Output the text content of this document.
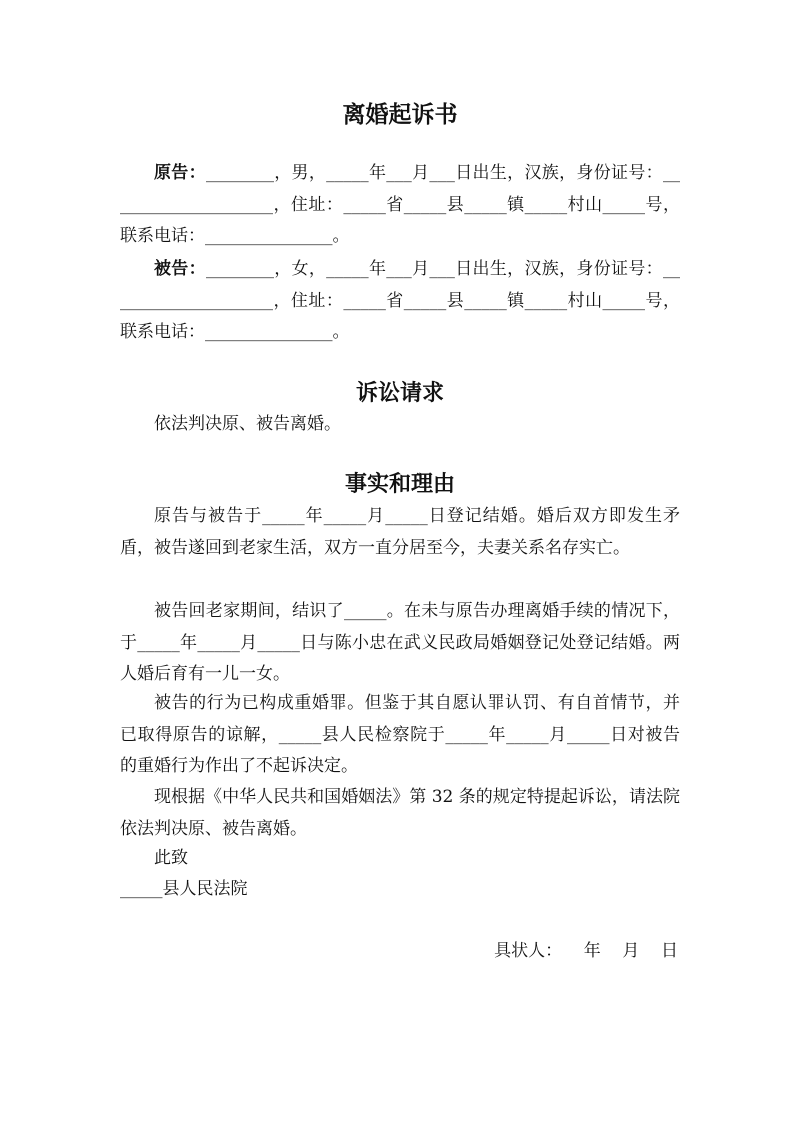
离婚起诉书
原告：________，男，_____年___月___日出生，汉族，身份证号：____________________，住址：_____省_____县_____镇_____村山_____号，联系电话：_______________。
被告：________，女，_____年___月___日出生，汉族，身份证号：____________________，住址：_____省_____县_____镇_____村山_____号，联系电话：_______________。
诉讼请求
依法判决原、被告离婚。
事实和理由
原告与被告于_____年_____月_____日登记结婚。婚后双方即发生矛盾，被告遂回到老家生活，双方一直分居至今，夫妻关系名存实亡。
被告回老家期间，结识了_____。在未与原告办理离婚手续的情况下，于_____年_____月_____日与陈小忠在武义民政局婚姻登记处登记结婚。两人婚后育有一儿一女。
被告的行为已构成重婚罪。但鉴于其自愿认罪认罚、有自首情节，并已取得原告的谅解，_____县人民检察院于_____年_____月_____日对被告的重婚行为作出了不起诉决定。
现根据《中华人民共和国婚姻法》第 32 条的规定特提起诉讼，请法院依法判决原、被告离婚。
此致
_____县人民法院
具状人：    年    月    日
